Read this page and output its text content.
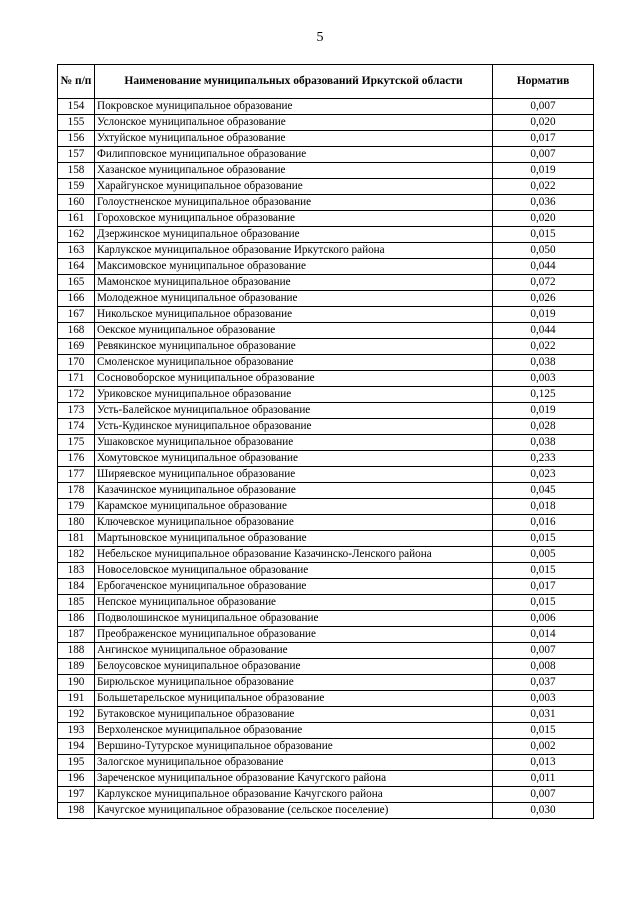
5
№ п/п	Наименование муниципальных образований Иркутской области	Норматив
154	Покровское муниципальное образование	0,007
155	Услонское муниципальное образование	0,020
156	Ухтуйское муниципальное образование	0,017
157	Филипповское муниципальное образование	0,007
158	Хазанское муниципальное образование	0,019
159	Харайгунское муниципальное образование	0,022
160	Голоустненское муниципальное образование	0,036
161	Гороховское муниципальное образование	0,020
162	Дзержинское муниципальное образование	0,015
163	Карлукское муниципальное образование Иркутского района	0,050
164	Максимовское муниципальное образование	0,044
165	Мамонское муниципальное образование	0,072
166	Молодежное муниципальное образование	0,026
167	Никольское муниципальное образование	0,019
168	Оекское муниципальное образование	0,044
169	Ревякинское муниципальное образование	0,022
170	Смоленское муниципальное образование	0,038
171	Сосновоборское муниципальное образование	0,003
172	Уриковское муниципальное образование	0,125
173	Усть-Балейское муниципальное образование	0,019
174	Усть-Кудинское муниципальное образование	0,028
175	Ушаковское муниципальное образование	0,038
176	Хомутовское муниципальное образование	0,233
177	Ширяевское муниципальное образование	0,023
178	Казачинское муниципальное образование	0,045
179	Карамское муниципальное образование	0,018
180	Ключевское муниципальное образование	0,016
181	Мартыновское муниципальное образование	0,015
182	Небельское муниципальное образование Казачинско-Ленского района	0,005
183	Новоселовское муниципальное образование	0,015
184	Ербогаченское муниципальное образование	0,017
185	Непское муниципальное образование	0,015
186	Подволошинское муниципальное образование	0,006
187	Преображенское муниципальное образование	0,014
188	Ангинское муниципальное образование	0,007
189	Белоусовское муниципальное образование	0,008
190	Бирюльское муниципальное образование	0,037
191	Большетарельское муниципальное образование	0,003
192	Бутаковское муниципальное образование	0,031
193	Верхоленское муниципальное образование	0,015
194	Вершино-Тутурское муниципальное образование	0,002
195	Залогское муниципальное образование	0,013
196	Зареченское муниципальное образование Качугского района	0,011
197	Карлукское муниципальное образование Качугского района	0,007
198	Качугское муниципальное образование (сельское поселение)	0,030
